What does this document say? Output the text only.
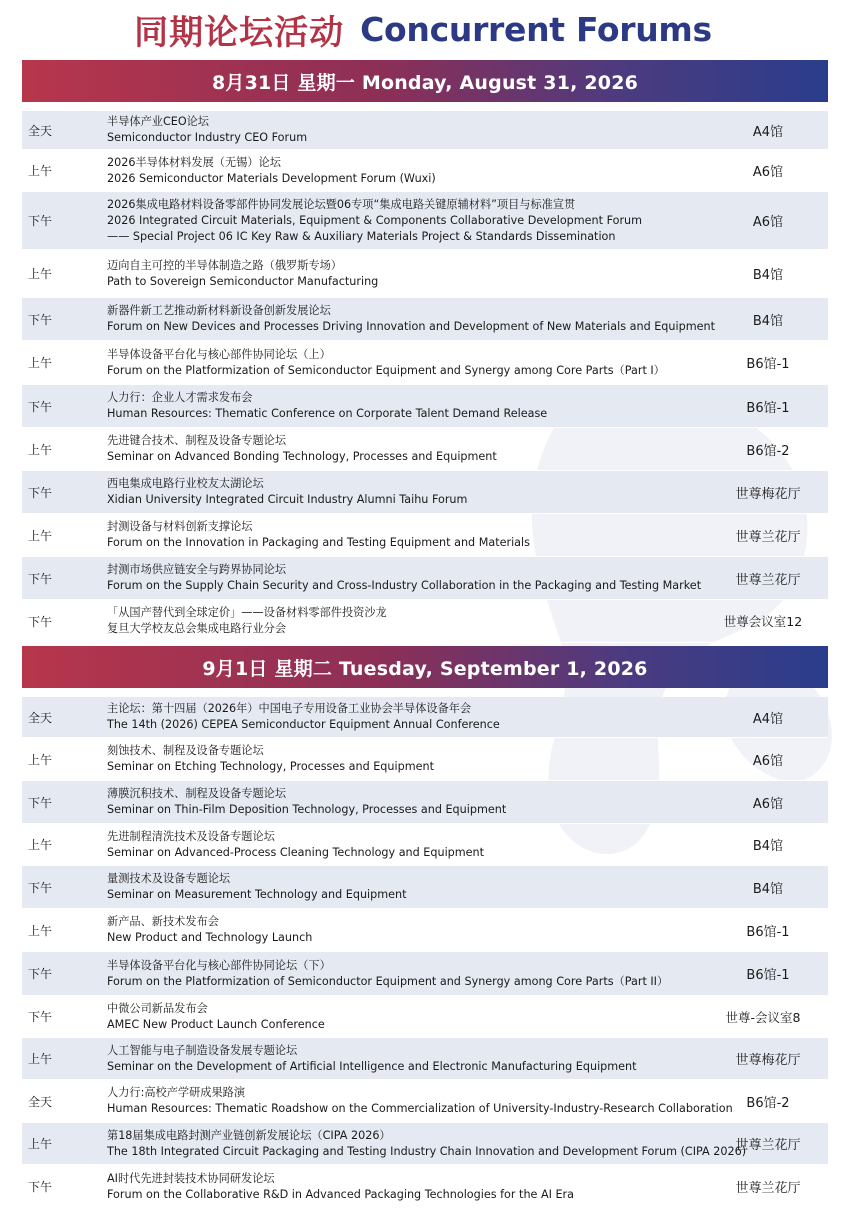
同期论坛活动 Concurrent Forums
8月31日 星期一 Monday, August 31, 2026
全天
半导体产业CEO论坛
Semiconductor Industry CEO Forum	A4馆
上午
2026半导体材料发展（无锡）论坛
2026 Semiconductor Materials Development Forum (Wuxi)	A6馆
下午
2026集成电路材料设备零部件协同发展论坛暨06专项“集成电路关键原辅材料”项目与标准宣贯
2026 Integrated Circuit Materials, Equipment & Components Collaborative Development Forum
—— Special Project 06 IC Key Raw & Auxiliary Materials Project & Standards Dissemination
A6馆
上午
迈向自主可控的半导体制造之路（俄罗斯专场）
Path to Sovereign Semiconductor Manufacturing	B4馆
下午
新器件新工艺推动新材料新设备创新发展论坛
Forum on New Devices and Processes Driving Innovation and Development of New Materials and Equipment	B4馆
上午
半导体设备平台化与核心部件协同论坛（上）
Forum on the Platformization of Semiconductor Equipment and Synergy among Core Parts（Part I）	B6馆-1
下午
人力行：企业人才需求发布会
Human Resources: Thematic Conference on Corporate Talent Demand Release	B6馆-1
上午
先进键合技术、制程及设备专题论坛
Seminar on Advanced Bonding Technology, Processes and Equipment	B6馆-2
下午
西电集成电路行业校友太湖论坛
Xidian University Integrated Circuit Industry Alumni Taihu Forum	世尊梅花厅
上午
封测设备与材料创新支撑论坛
Forum on the Innovation in Packaging and Testing Equipment and Materials	世尊兰花厅
下午
封测市场供应链安全与跨界协同论坛
Forum on the Supply Chain Security and Cross-Industry Collaboration in the Packaging and Testing Market	世尊兰花厅
下午
「从国产替代到全球定价」——设备材料零部件投资沙龙
复旦大学校友总会集成电路行业分会	世尊会议室12
9月1日 星期二 Tuesday, September 1, 2026
全天
主论坛：第十四届（2026年）中国电子专用设备工业协会半导体设备年会
The 14th (2026) CEPEA Semiconductor Equipment Annual Conference	A4馆
上午
刻蚀技术、制程及设备专题论坛
Seminar on Etching Technology, Processes and Equipment	A6馆
下午
薄膜沉积技术、制程及设备专题论坛
Seminar on Thin-Film Deposition Technology, Processes and Equipment	A6馆
上午
先进制程清洗技术及设备专题论坛
Seminar on Advanced-Process Cleaning Technology and Equipment	B4馆
下午
量测技术及设备专题论坛
Seminar on Measurement Technology and Equipment	B4馆
上午
新产品、新技术发布会
New Product and Technology Launch	B6馆-1
下午
半导体设备平台化与核心部件协同论坛（下）
Forum on the Platformization of Semiconductor Equipment and Synergy among Core Parts（Part II）	B6馆-1
下午
中微公司新品发布会
AMEC New Product Launch Conference	世尊-会议室8
上午
人工智能与电子制造设备发展专题论坛
Seminar on the Development of Artificial Intelligence and Electronic Manufacturing Equipment	世尊梅花厅
全天
人力行:高校产学研成果路演
Human Resources: Thematic Roadshow on the Commercialization of University-Industry-Research Collaboration	B6馆-2
上午
第18届集成电路封测产业链创新发展论坛（CIPA 2026）
The 18th Integrated Circuit Packaging and Testing Industry Chain Innovation and Development Forum (CIPA 2026)
世尊兰花厅
下午
AI时代先进封装技术协同研发论坛
Forum on the Collaborative R&D in Advanced Packaging Technologies for the AI Era	世尊兰花厅
